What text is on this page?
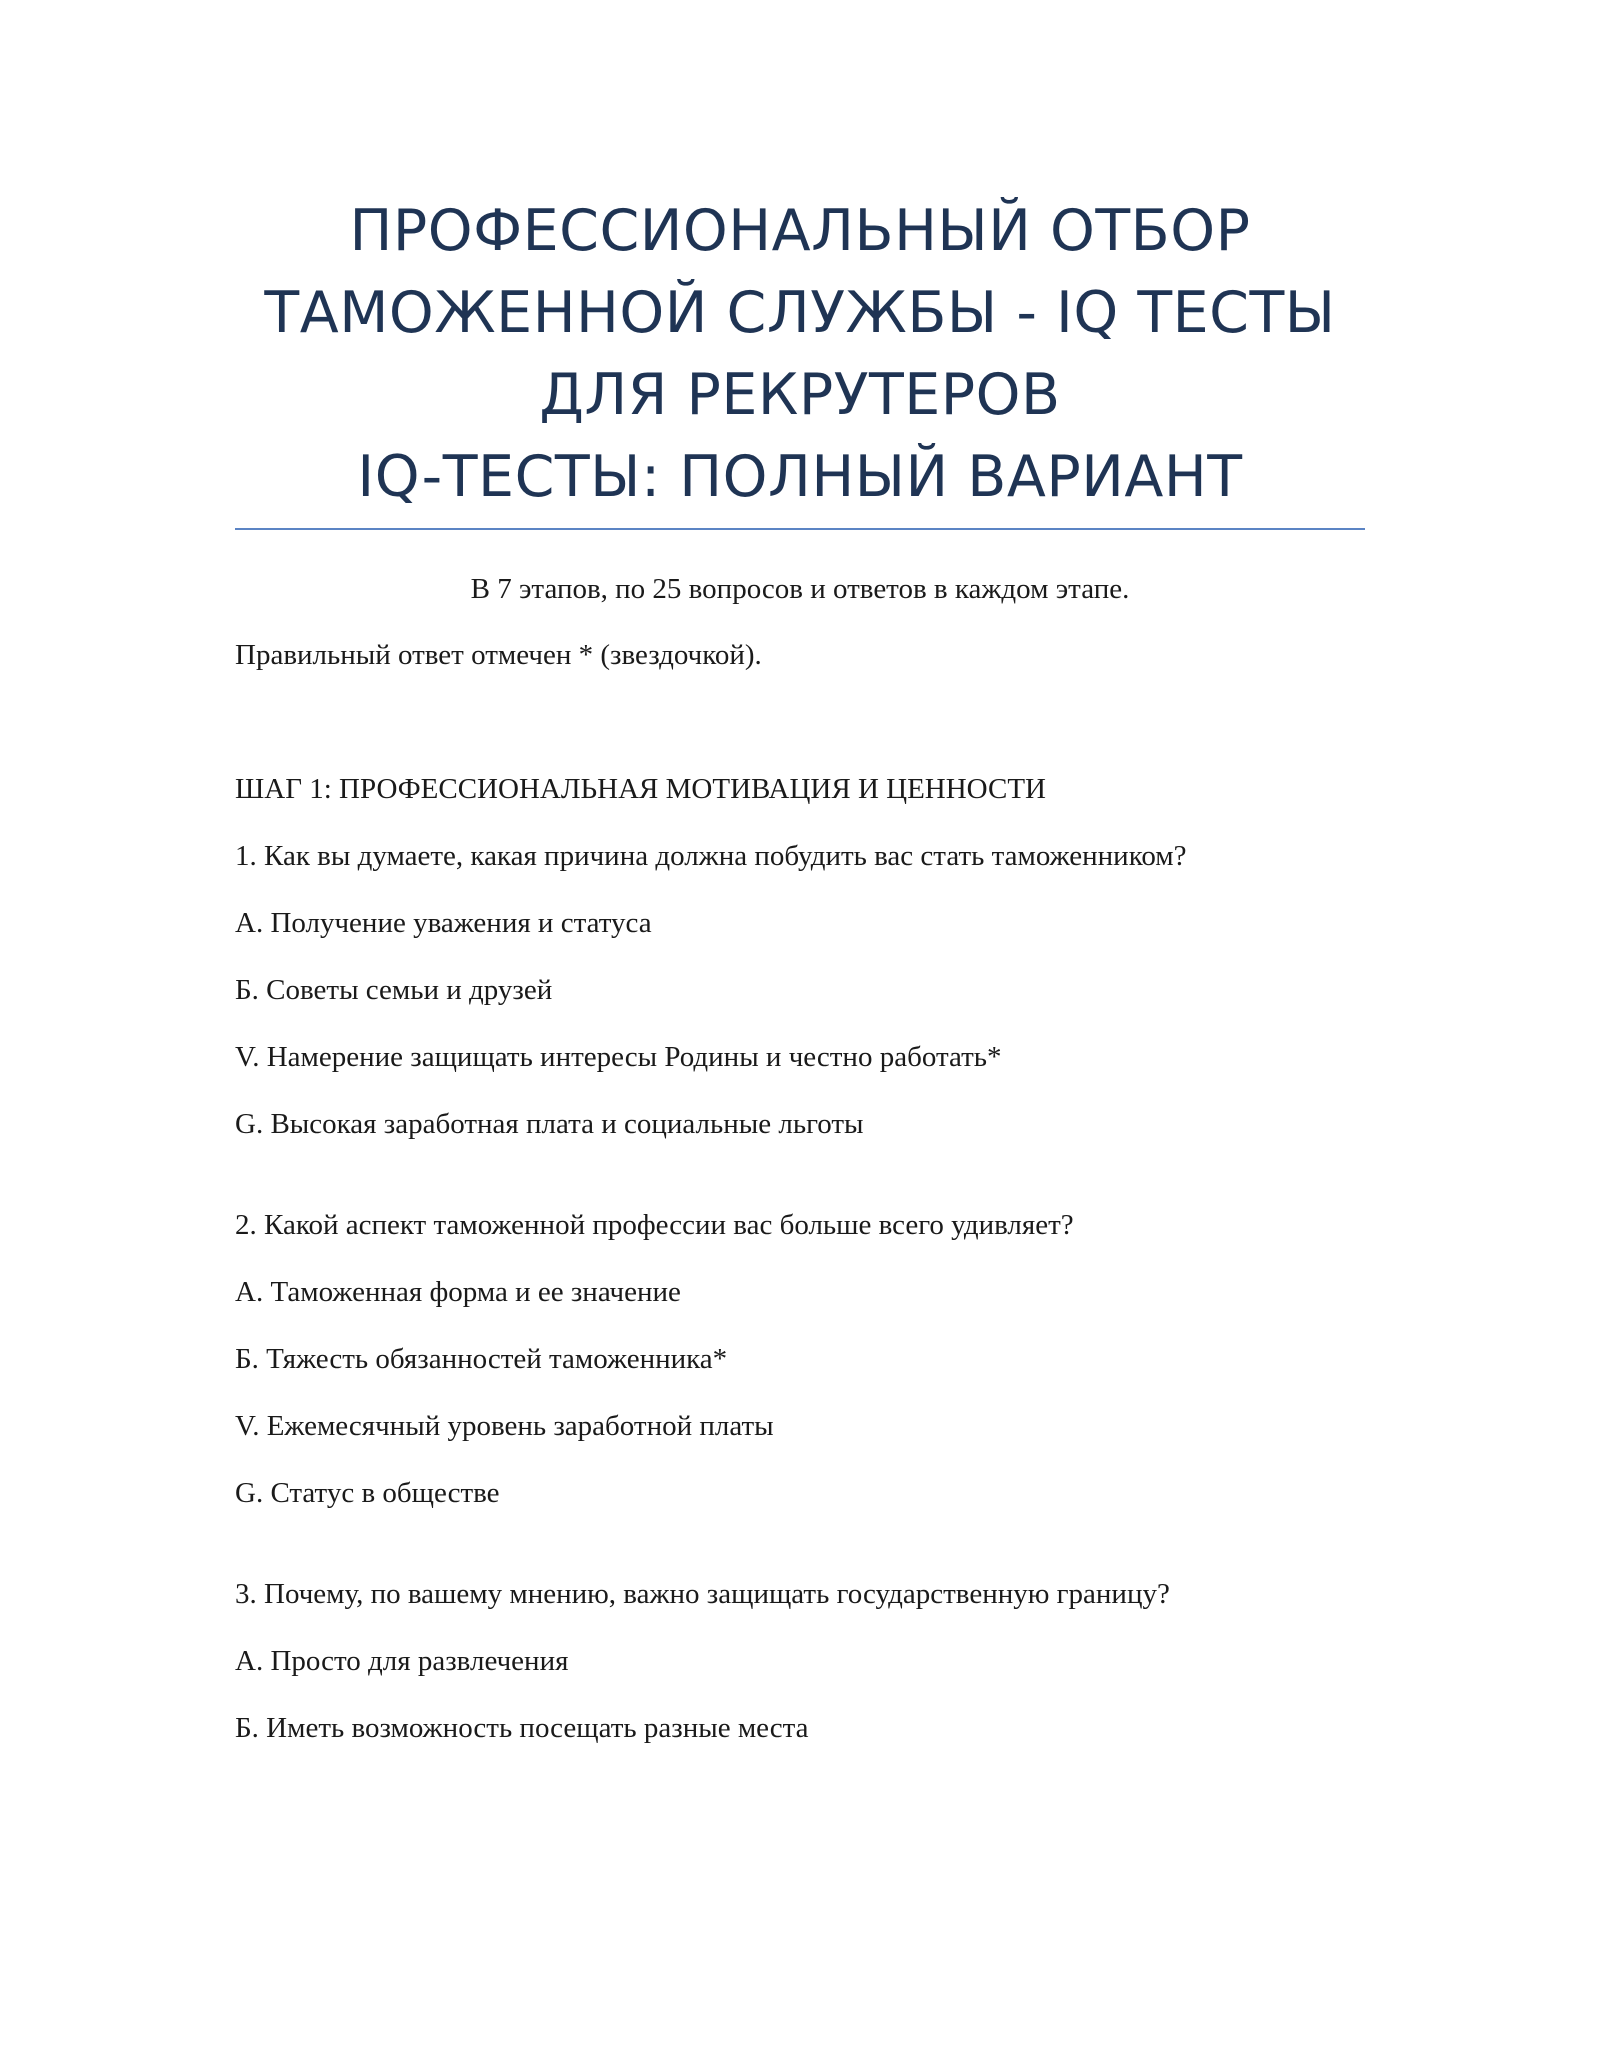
ПРОФЕССИОНАЛЬНЫЙ ОТБОР
ТАМОЖЕННОЙ СЛУЖБЫ - IQ ТЕСТЫ
ДЛЯ РЕКРУТЕРОВ
IQ-ТЕСТЫ: ПОЛНЫЙ ВАРИАНТ
В 7 этапов, по 25 вопросов и ответов в каждом этапе.
Правильный ответ отмечен * (звездочкой).
ШАГ 1: ПРОФЕССИОНАЛЬНАЯ МОТИВАЦИЯ И ЦЕННОСТИ
1. Как вы думаете, какая причина должна побудить вас стать таможенником?
A. Получение уважения и статуса
Б. Советы семьи и друзей
V. Намерение защищать интересы Родины и честно работать*
G. Высокая заработная плата и социальные льготы
2. Какой аспект таможенной профессии вас больше всего удивляет?
A. Таможенная форма и ее значение
Б. Тяжесть обязанностей таможенника*
V. Ежемесячный уровень заработной платы
G. Статус в обществе
3. Почему, по вашему мнению, важно защищать государственную границу?
A. Просто для развлечения
Б. Иметь возможность посещать разные места
